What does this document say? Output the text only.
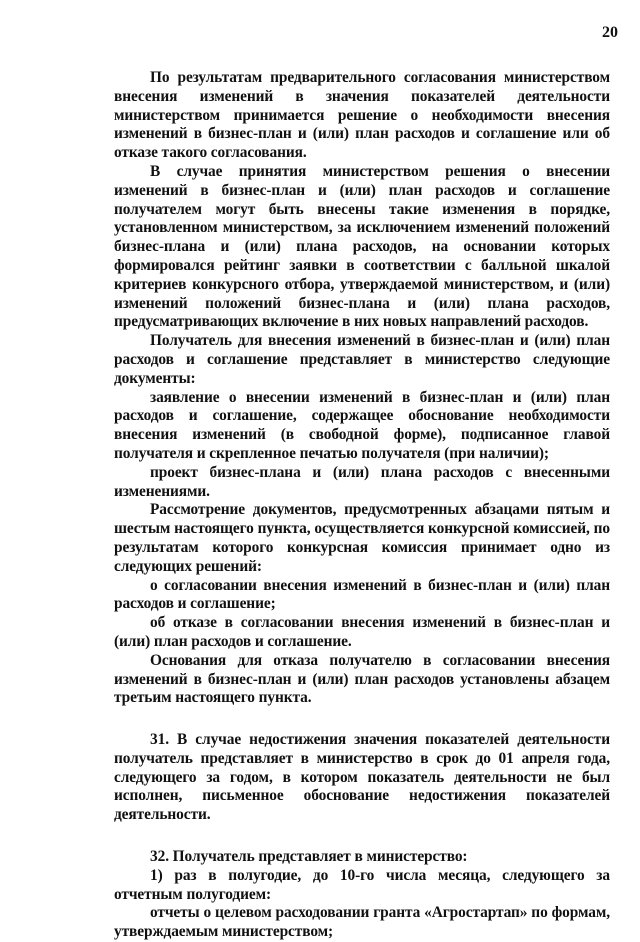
20

По результатам предварительного согласования министерством внесения изменений в значения показателей деятельности министерством принимается решение о необходимости внесения изменений в бизнес-план и (или) план расходов и соглашение или об отказе такого согласования.

В случае принятия министерством решения о внесении изменений в бизнес-план и (или) план расходов и соглашение получателем могут быть внесены такие изменения в порядке, установленном министерством, за исключением изменений положений бизнес-плана и (или) плана расходов, на основании которых формировался рейтинг заявки в соответствии с балльной шкалой критериев конкурсного отбора, утверждаемой министерством, и (или) изменений положений бизнес-плана и (или) плана расходов, предусматривающих включение в них новых направлений расходов.

Получатель для внесения изменений в бизнес-план и (или) план расходов и соглашение представляет в министерство следующие документы:

заявление о внесении изменений в бизнес-план и (или) план расходов и соглашение, содержащее обоснование необходимости внесения изменений (в свободной форме), подписанное главой получателя и скрепленное печатью получателя (при наличии);

проект бизнес-плана и (или) плана расходов с внесенными изменениями.

Рассмотрение документов, предусмотренных абзацами пятым и шестым настоящего пункта, осуществляется конкурсной комиссией, по результатам которого конкурсная комиссия принимает одно из следующих решений:

о согласовании внесения изменений в бизнес-план и (или) план расходов и соглашение;

об отказе в согласовании внесения изменений в бизнес-план и (или) план расходов и соглашение.

Основания для отказа получателю в согласовании внесения изменений в бизнес-план и (или) план расходов установлены абзацем третьим настоящего пункта.

31. В случае недостижения значения показателей деятельности получатель представляет в министерство в срок до 01 апреля года, следующего за годом, в котором показатель деятельности не был исполнен, письменное обоснование недостижения показателей деятельности.

32. Получатель представляет в министерство:

1) раз в полугодие, до 10-го числа месяца, следующего за отчетным полугодием:

отчеты о целевом расходовании гранта «Агростартап» по формам, утверждаемым министерством;
